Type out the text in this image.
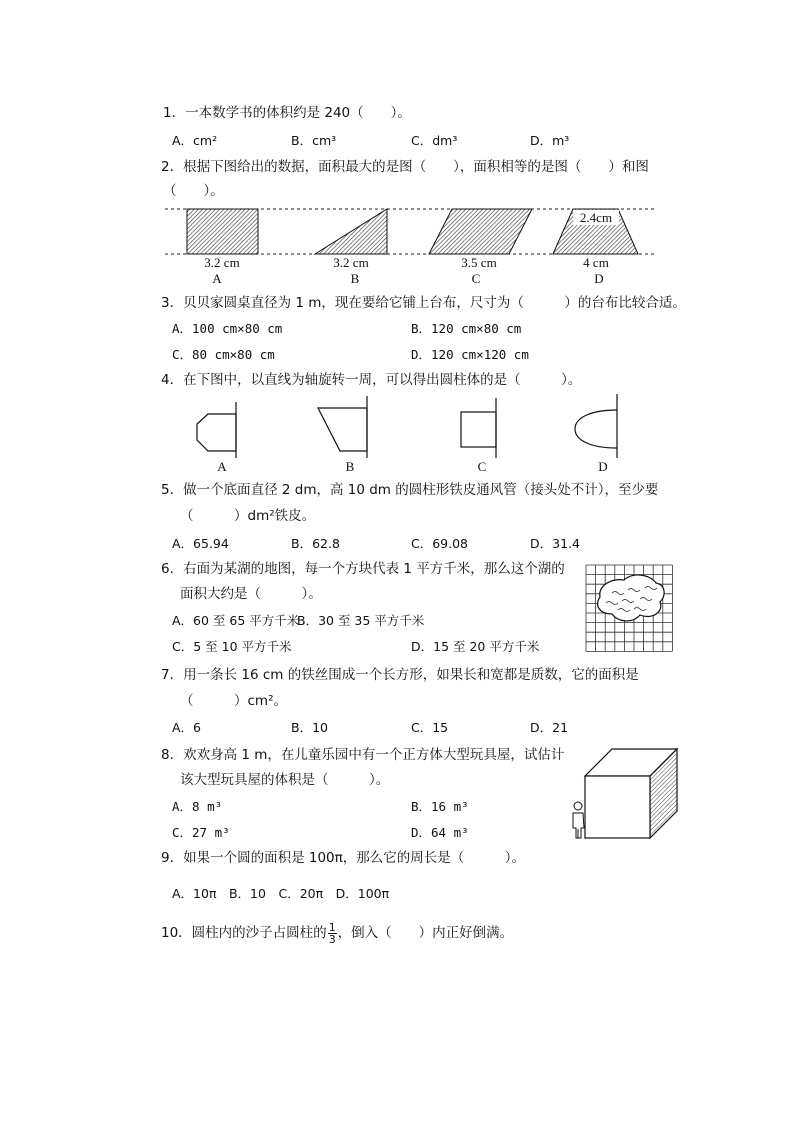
1．一本数学书的体积约是 240（　　）。
A．cm²	B．cm³	C．dm³	D．m³
2．根据下图给出的数据，面积最大的是图（　　），面积相等的是图（　　）和图
（　　）。
2.4cm
3.2 cm	3.2 cm	3.5 cm	4 cm
A	B	C	D
3．贝贝家圆桌直径为 1 m，现在要给它铺上台布，尺寸为（　　　）的台布比较合适。
A．100 cm×80 cm	B．120 cm×80 cm
C．80 cm×80 cm	D．120 cm×120 cm
4．在下图中，以直线为轴旋转一周，可以得出圆柱体的是（　　　）。
A	B	C	D
5．做一个底面直径 2 dm，高 10 dm 的圆柱形铁皮通风管（接头处不计），至少要
（　　　）dm²铁皮。
A．65.94	B．62.8	C．69.08	D．31.4
6．右面为某湖的地图，每一个方块代表 1 平方千米，那么这个湖的
面积大约是（　　　）。
A．60 至 65 平方千米
B．30 至 35 平方千米
C．5 至 10 平方千米	D．15 至 20 平方千米
7．用一条长 16 cm 的铁丝围成一个长方形，如果长和宽都是质数，它的面积是
（　　　）cm²。
A．6	B．10	C．15	D．21
8．欢欢身高 1 m，在儿童乐园中有一个正方体大型玩具屋，试估计
该大型玩具屋的体积是（　　　）。
A．8 m³	B．16 m³
C．27 m³	D．64 m³
9．如果一个圆的面积是 100π，那么它的周长是（　　　）。
A．10π　B．10　C．20π　D．100π
10．圆柱内的沙子占圆柱的 $\frac{1}{3}$ ，倒入（　　）内正好倒满。
